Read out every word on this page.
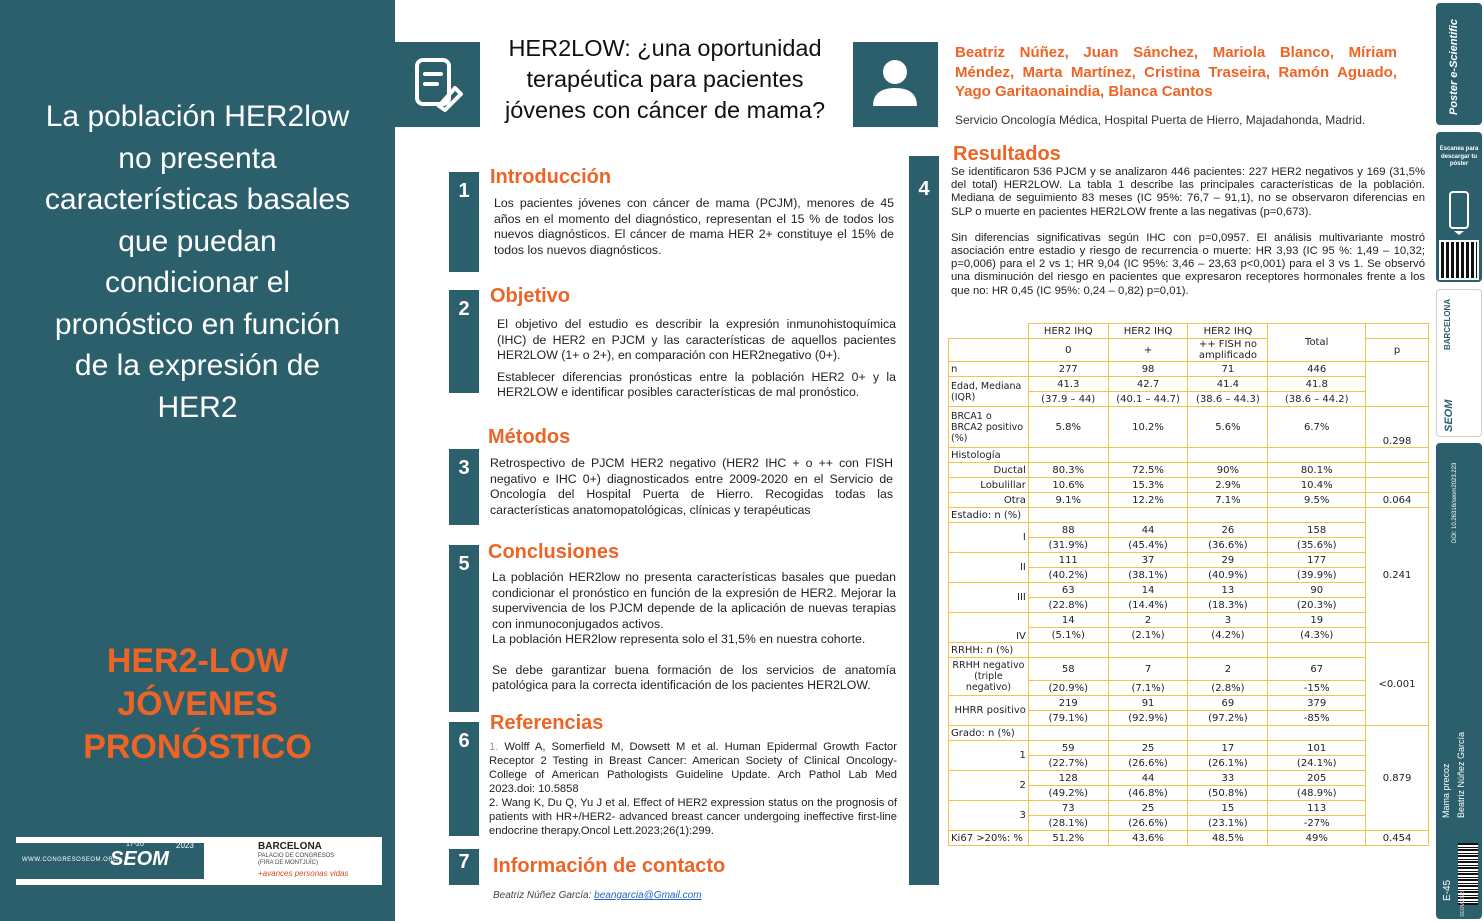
La población HER2low no presenta características basales que puedan condicionar el pronóstico en función de la expresión de HER2
HER2-LOW
JÓVENES
PRONÓSTICO
WWW.CONGRESOSEOM.ORG
17-20	2023
SEOM
BARCELONA
PALACIO DE CONGRESOS
(FIRA DE MONTJUÏC)
+avances personas vidas
HER2LOW: ¿una oportunidad terapéutica para pacientes jóvenes con cáncer de mama?
Beatriz Núñez, Juan Sánchez, Mariola Blanco, Míriam Méndez, Marta Martínez, Cristina Traseira, Ramón Aguado, Yago Garitaonaindia, Blanca Cantos
Servicio Oncología Médica, Hospital Puerta de Hierro, Majadahonda, Madrid.
1
Introducción
Los pacientes jóvenes con cáncer de mama (PCJM), menores de 45 años en el momento del diagnóstico, representan el 15 % de todos los nuevos diagnósticos. El cáncer de mama HER 2+ constituye el 15% de todos los nuevos diagnósticos.
2
Objetivo

El objetivo del estudio es describir la expresión inmunohistoquímica (IHC) de HER2 en PJCM y las características de aquellos pacientes HER2LOW (1+ o 2+), en comparación con HER2negativo (0+).

Establecer diferencias pronósticas entre la población HER2 0+ y la HER2LOW e identificar posibles características de mal pronóstico.

3
Métodos
Retrospectivo de PJCM HER2 negativo (HER2 IHC + o ++ con FISH negativo e IHC 0+) diagnosticados entre 2009-2020 en el Servicio de Oncología del Hospital Puerta de Hierro. Recogidas todas las características anatomopatológicas, clínicas y terapéuticas
5
Conclusiones

La población HER2low no presenta características basales que puedan condicionar el pronóstico en función de la expresión de HER2. Mejorar la supervivencia de los PJCM depende de la aplicación de nuevas terapias con inmunoconjugados activos.

La población HER2low representa solo el 31,5% en nuestra cohorte.

Se debe garantizar buena formación de los servicios de anatomía patológica para la correcta identificación de los pacientes HER2LOW.

6
Referencias
1. Wolff A, Somerfield M, Dowsett M et al. Human Epidermal Growth Factor Receptor 2 Testing in Breast Cancer: American Society of Clinical Oncology-College of American Pathologists Guideline Update. Arch Pathol Lab Med 2023.doi: 10.5858
2. Wang K, Du Q, Yu J et al. Effect of HER2 expression status on the prognosis of patients with HR+/HER2- advanced breast cancer undergoing ineffective first-line endocrine therapy.Oncol Lett.2023;26(1):299.
7	Información de contacto
Beatriz Núñez García: beangarcia@Gmail.com
4
Resultados

Se identificaron 536 PJCM y se analizaron 446 pacientes: 227 HER2 negativos y 169 (31,5% del total) HER2LOW. La tabla 1 describe las principales características de la población. Mediana de seguimiento 83 meses (IC 95%: 76,7 – 91,1), no se observaron diferencias en SLP o muerte en pacientes HER2LOW frente a las negativas (p=0,673).

Sin diferencias significativas según IHC con p=0,0957. El análisis multivariante mostró asociación entre estadio y riesgo de recurrencia o muerte: HR 3,93 (IC 95 %: 1,49 – 10,32; p=0,006) para el 2 vs 1; HR 9,04 (IC 95%: 3,46 – 23,63 p<0,001) para el 3 vs 1. Se observó una disminución del riesgo en pacientes que expresaron receptores hormonales frente a los que no: HR 0,45 (IC 95%: 0,24 – 0,82) p=0,01).

	HER2 IHQ	HER2 IHQ	HER2 IHQ	Total	
	0	+	++ FISH no amplificado		p
n	277	98	71	446	
Edad, Mediana (IQR)	41.3	42.7	41.4	41.8	
	(37.9 – 44)	(40.1 – 44.7)	(38.6 – 44.3)	(38.6 – 44.2)	
BRCA1 o BRCA2 positivo (%)	5.8%	10.2%	5.6%	6.7%	0.298
Histología					
Ductal	80.3%	72.5%	90%	80.1%	
Lobulillar	10.6%	15.3%	2.9%	10.4%	
Otra	9.1%	12.2%	7.1%	9.5%	0.064
Estadio: n (%)					0.241
I	88	44	26	158	
	(31.9%)	(45.4%)	(36.6%)	(35.6%)	
II	111	37	29	177	
	(40.2%)	(38.1%)	(40.9%)	(39.9%)	
III	63	14	13	90	
	(22.8%)	(14.4%)	(18.3%)	(20.3%)	
IV	14	2	3	19	
	(5.1%)	(2.1%)	(4.2%)	(4.3%)	
RRHH: n (%)					<0.001
RRHH negativo (triple negativo)	58	7	2	67	
	(20.9%)	(7.1%)	(2.8%)	-15%	
HHRR positivo	219	91	69	379	
	(79.1%)	(92.9%)	(97.2%)	-85%	
Grado: n (%)					0.879
1	59	25	17	101	
	(22.7%)	(26.6%)	(26.1%)	(24.1%)	
2	128	44	33	205	
	(49.2%)	(46.8%)	(50.8%)	(48.9%)	
3	73	25	15	113	
	(28.1%)	(26.6%)	(23.1%)	-27%	
Ki67 >20%: %	51.2%	43.6%	48.5%	49%	0.454
Poster e-Scientific
Escanea para descargar tu póster
BARCELONA
SEOM
DOI: 10.26316/seom2023.223
Mama precoz Beatriz Núñez García
E-45
SEOM2023
